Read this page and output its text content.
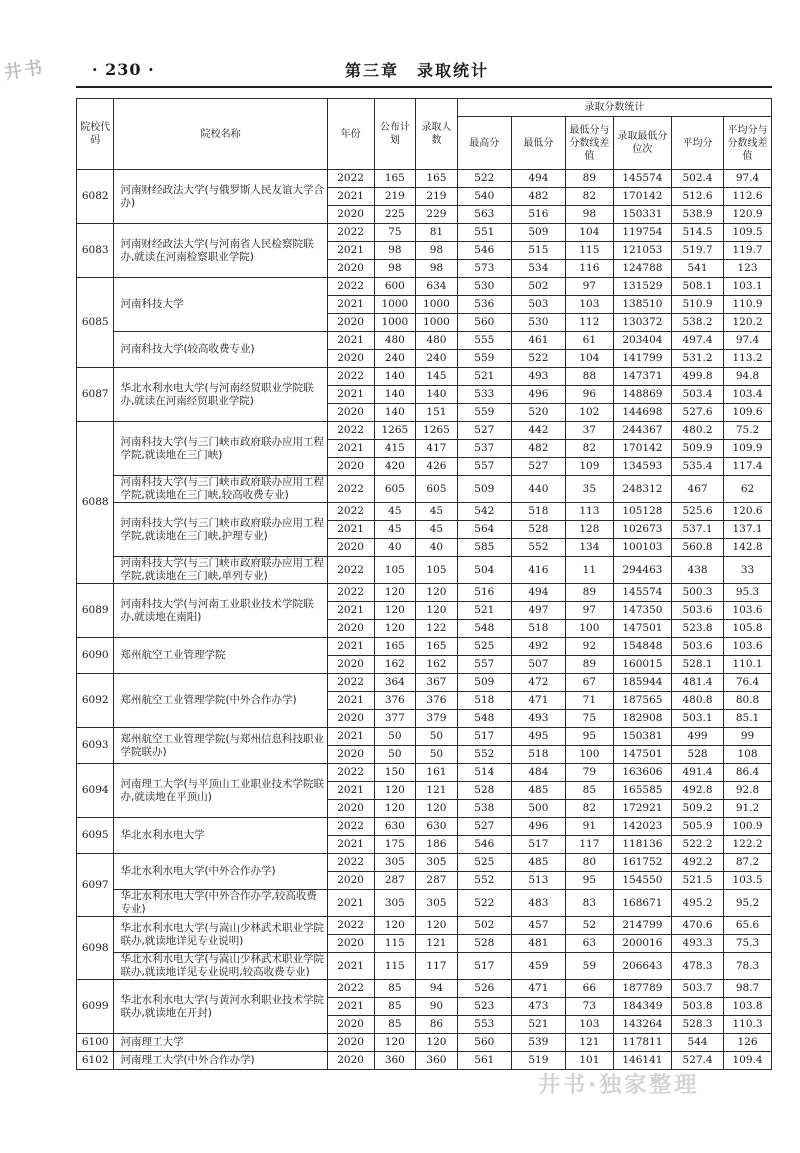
井书	· 230 ·	第三章　录取统计
院校代码	院校名称	年份	公布计划	录取人数	录取分数统计					
					最高分	最低分	最低分与分数线差值	录取最低分位次	平均分	平均分与分数线差值
6082	河南财经政法大学(与俄罗斯人民友谊大学合办)	2022	165	165	522	494	89	145574	502.4	97.4
		2021	219	219	540	482	82	170142	512.6	112.6
		2020	225	229	563	516	98	150331	538.9	120.9
6083	河南财经政法大学(与河南省人民检察院联办,就读在河南检察职业学院)	2022	75	81	551	509	104	119754	514.5	109.5
		2021	98	98	546	515	115	121053	519.7	119.7
		2020	98	98	573	534	116	124788	541	123
6085	河南科技大学	2022	600	634	530	502	97	131529	508.1	103.1
		2021	1000	1000	536	503	103	138510	510.9	110.9
		2020	1000	1000	560	530	112	130372	538.2	120.2
	河南科技大学(较高收费专业)	2021	480	480	555	461	61	203404	497.4	97.4
		2020	240	240	559	522	104	141799	531.2	113.2
6087	华北水利水电大学(与河南经贸职业学院联办,就读在河南经贸职业学院)	2022	140	145	521	493	88	147371	499.8	94.8
		2021	140	140	533	496	96	148869	503.4	103.4
		2020	140	151	559	520	102	144698	527.6	109.6
6088	河南科技大学(与三门峡市政府联办应用工程学院,就读地在三门峡)	2022	1265	1265	527	442	37	244367	480.2	75.2
		2021	415	417	537	482	82	170142	509.9	109.9
		2020	420	426	557	527	109	134593	535.4	117.4
	河南科技大学(与三门峡市政府联办应用工程学院,就读地在三门峡,较高收费专业)	2022	605	605	509	440	35	248312	467	62
	河南科技大学(与三门峡市政府联办应用工程学院,就读地在三门峡,护理专业)	2022	45	45	542	518	113	105128	525.6	120.6
		2021	45	45	564	528	128	102673	537.1	137.1
		2020	40	40	585	552	134	100103	560.8	142.8
	河南科技大学(与三门峡市政府联办应用工程学院,就读地在三门峡,单列专业)	2022	105	105	504	416	11	294463	438	33
6089	河南科技大学(与河南工业职业技术学院联办,就读地在南阳)	2022	120	120	516	494	89	145574	500.3	95.3
		2021	120	120	521	497	97	147350	503.6	103.6
		2020	120	122	548	518	100	147501	523.8	105.8
6090	郑州航空工业管理学院	2021	165	165	525	492	92	154848	503.6	103.6
		2020	162	162	557	507	89	160015	528.1	110.1
6092	郑州航空工业管理学院(中外合作办学)	2022	364	367	509	472	67	185944	481.4	76.4
		2021	376	376	518	471	71	187565	480.8	80.8
		2020	377	379	548	493	75	182908	503.1	85.1
6093	郑州航空工业管理学院(与郑州信息科技职业学院联办)	2021	50	50	517	495	95	150381	499	99
		2020	50	50	552	518	100	147501	528	108
6094	河南理工大学(与平顶山工业职业技术学院联办,就读地在平顶山)	2022	150	161	514	484	79	163606	491.4	86.4
		2021	120	121	528	485	85	165585	492.8	92.8
		2020	120	120	538	500	82	172921	509.2	91.2
6095	华北水利水电大学	2022	630	630	527	496	91	142023	505.9	100.9
		2021	175	186	546	517	117	118136	522.2	122.2
6097	华北水利水电大学(中外合作办学)	2022	305	305	525	485	80	161752	492.2	87.2
		2020	287	287	552	513	95	154550	521.5	103.5
	华北水利水电大学(中外合作办学,较高收费专业)	2021	305	305	522	483	83	168671	495.2	95.2
6098	华北水利水电大学(与嵩山少林武术职业学院联办,就读地详见专业说明)	2022	120	120	502	457	52	214799	470.6	65.6
		2020	115	121	528	481	63	200016	493.3	75.3
	华北水利水电大学(与嵩山少林武术职业学院联办,就读地详见专业说明,较高收费专业)	2021	115	117	517	459	59	206643	478.3	78.3
6099	华北水利水电大学(与黄河水利职业技术学院联办,就读地在开封)	2022	85	94	526	471	66	187789	503.7	98.7
		2021	85	90	523	473	73	184349	503.8	103.8
		2020	85	86	553	521	103	143264	528.3	110.3
6100	河南理工大学	2020	120	120	560	539	121	117811	544	126
6102	河南理工大学(中外合作办学)	2020	360	360	561	519	101	146141	527.4	109.4
井书·独家整理
